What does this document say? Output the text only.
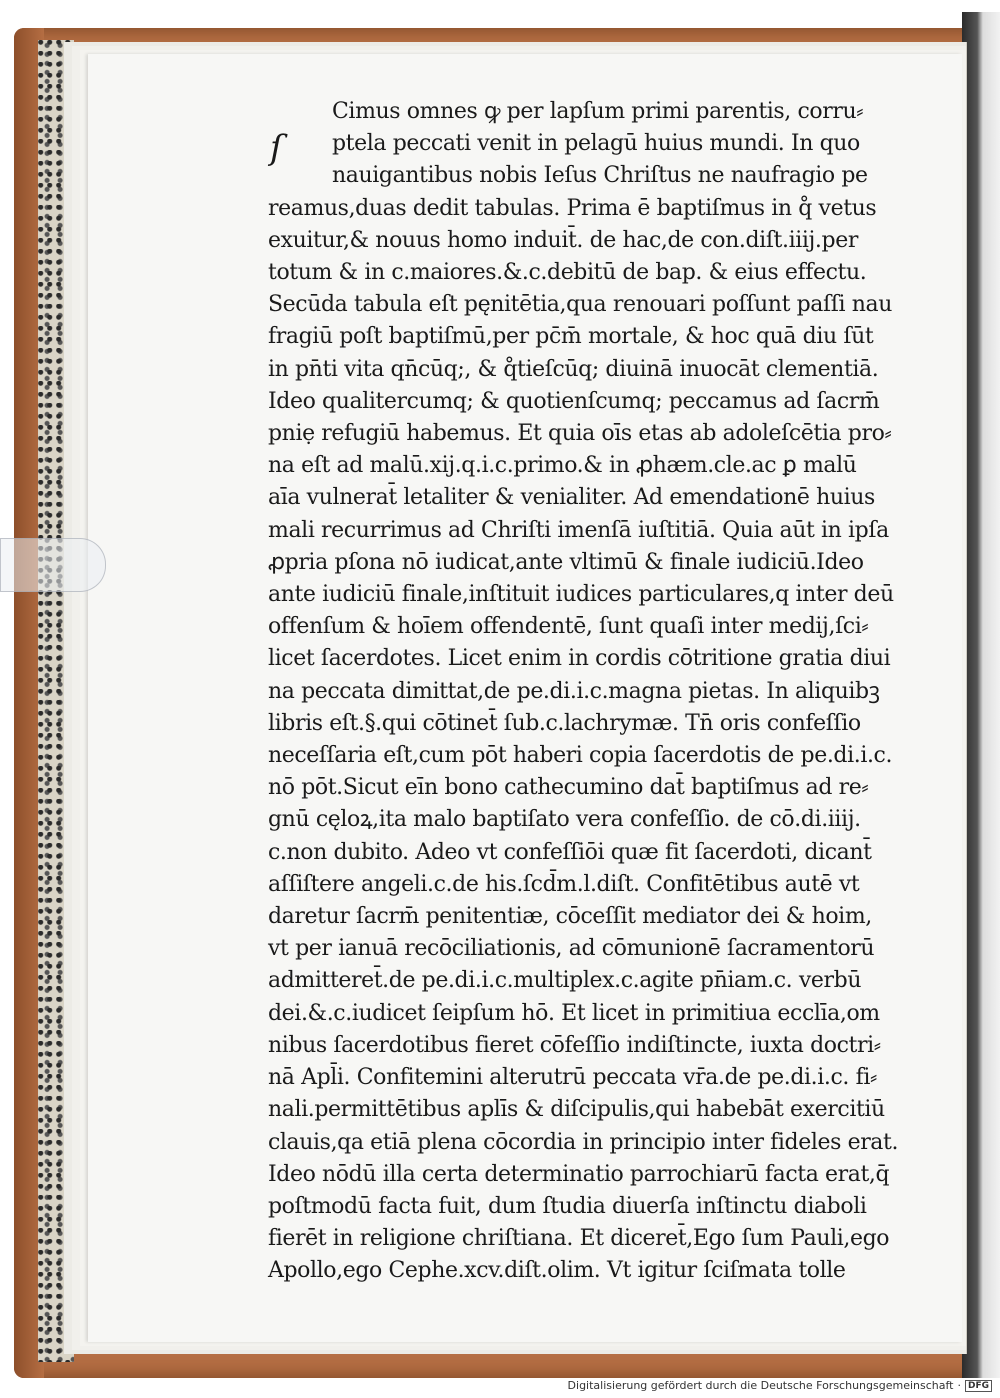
ſ
Cimus omnes ꝙ per lapſum primi parentis, corru⸗
ptela peccati venit in pelagū huius mundi. In quo
nauigantibus nobis Ieſus Chriſtus ne naufragio pe
reamus,duas dedit tabulas. Prima ē baptiſmus in q̊ vetus
exuitur,& nouus homo induit̄. de hac,de con.diſt.iiij.per
totum & in c.maiores.&.c.debitū de bap. & eius effectu.
Secūda tabula eſt pęnitētia,qua renouari poſſunt paſſi nau
fragiū poſt baptiſmū,per pc̄m̄ mortale, & hoc quā diu ſūt
in pn̄ti vita qn̄cūq;, & q̊tieſcūq; diuinā inuocāt clementiā.
Ideo qualitercumq; & quotienſcumq; peccamus ad ſacrm̄
pniẹ refugiū habemus. Et quia oīs etas ab adoleſcētia pro⸗
na eſt ad malū.xij.q.i.c.primo.& in ꝓhæm.cle.ac ꝑ malū
aīa vulnerat̄ letaliter & venialiter. Ad emendationē huius
mali recurrimus ad Chriſti imenſā iuſtitiā. Quia aūt in ipſa
ꝓpria pſona nō iudicat,ante vltimū & finale iudiciū.Ideo
ante iudiciū finale,inſtituit iudices particulares,q inter deū
offenſum & hoīem offendentē, ſunt quaſi inter medij,ſci⸗
licet ſacerdotes. Licet enim in cordis cōtritione gratia diui
na peccata dimittat,de pe.di.i.c.magna pietas. In aliquibꝫ
libris eſt.§.qui cōtinet̄ ſub.c.lachrymæ. Tn̄ oris confeſſio
neceſſaria eſt,cum pōt haberi copia ſacerdotis de pe.di.i.c.
nō pōt.Sicut eīn bono cathecumino dat̄ baptiſmus ad re⸗
gnū cęloꝝ,ita malo baptiſato vera confeſſio. de cō.di.iiij.
c.non dubito. Adeo vt confeſſiōi quæ fit ſacerdoti, dicant̄
aſſiſtere angeli.c.de his.ſcd̄m.l.diſt. Confitētibus autē vt
daretur ſacrm̄ penitentiæ, cōceſſit mediator dei & hoim,
vt per ianuā recōciliationis, ad cōmunionē ſacramentorū
admitteret̄.de pe.di.i.c.multiplex.c.agite pn̄iam.c. verbū
dei.&.c.iudicet ſeipſum hō. Et licet in primitiua ecclīa,om
nibus ſacerdotibus fieret cōfeſſio indiſtincte, iuxta doctri⸗
nā Apl̄i. Confitemini alterutrū peccata vr̄a.de pe.di.i.c. fi⸗
nali.permittētibus aplīs & diſcipulis,qui habebāt exercitiū
clauis,qa etiā plena cōcordia in principio inter fideles erat.
Ideo nōdū illa certa determinatio parrochiarū facta erat,q̄
poſtmodū facta fuit, dum ſtudia diuerſa inſtinctu diaboli
fierēt in religione chriſtiana. Et diceret̄,Ego ſum Pauli,ego
Apollo,ego Cephe.xcv.diſt.olim. Vt igitur ſciſmata tolle
Digitalisierung gefördert durch die Deutsche Forschungsgemeinschaft · DFG
